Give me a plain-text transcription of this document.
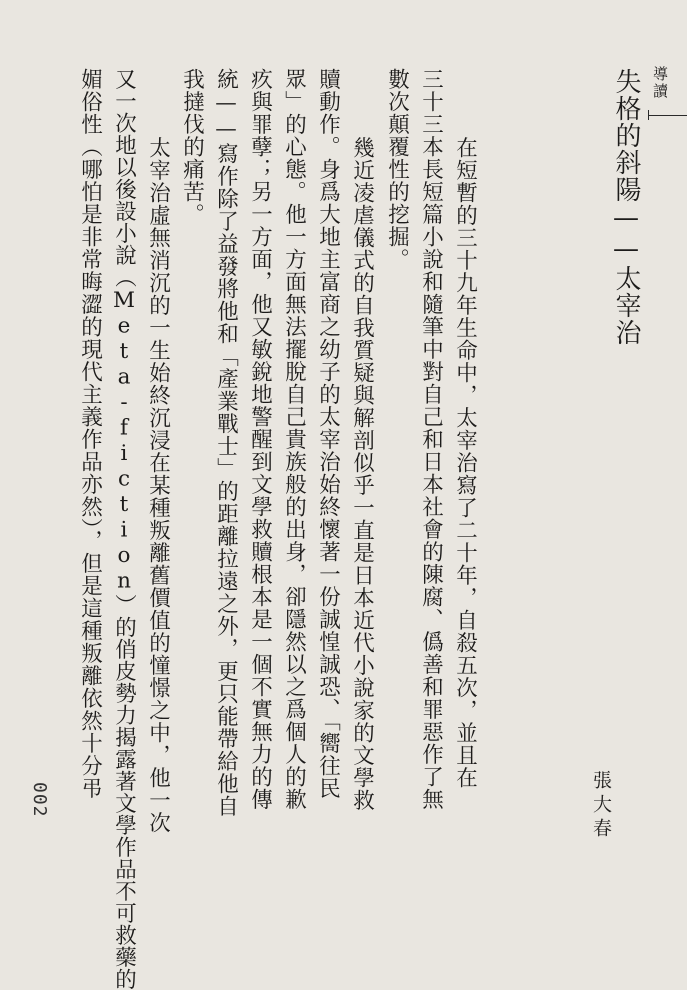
導讀
失格的斜陽——太宰治
張大春
　在短暫的三十九年生命中，太宰治寫了二十年，自殺五次，並且在
三十三本長短篇小說和隨筆中對自己和日本社會的陳腐、僞善和罪惡作了無
數次顛覆性的挖掘。
　幾近凌虐儀式的自我質疑與解剖似乎一直是日本近代小說家的文學救
贖動作。身爲大地主富商之幼子的太宰治始終懷著一份誠惶誠恐、「嚮往民
眾」的心態。他一方面無法擺脫自己貴族般的出身，卻隱然以之爲個人的歉
疚與罪孽；另一方面，他又敏銳地警醒到文學救贖根本是一個不實無力的傳
統——寫作除了益發將他和「產業戰士」的距離拉遠之外，更只能帶給他自
我撻伐的痛苦。
　太宰治虛無消沉的一生始終沉浸在某種叛離舊價值的憧憬之中，他一次
又一次地以後設小說（Meta-fiction）的俏皮勢力揭露著文學作品不可救藥的
媚俗性（哪怕是非常晦澀的現代主義作品亦然），但是這種叛離依然十分弔
002
